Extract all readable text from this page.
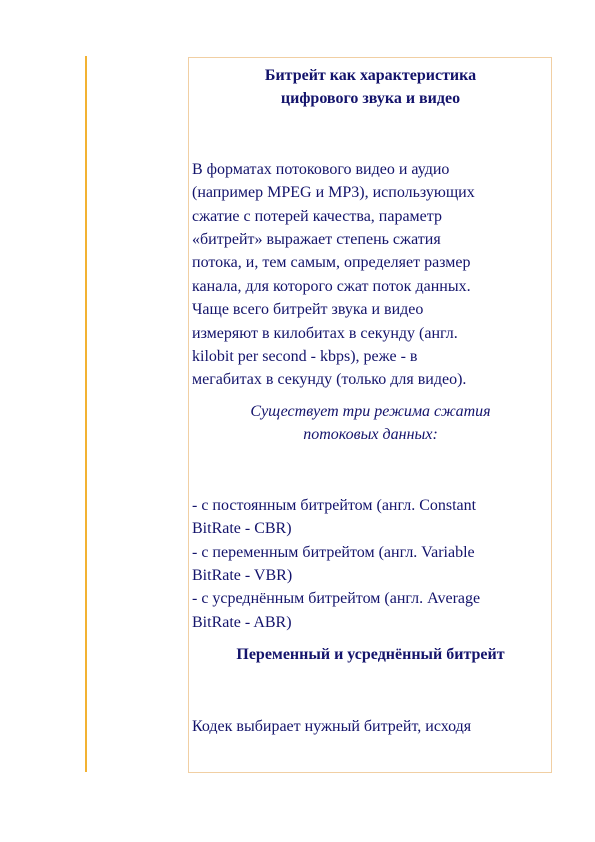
Битрейт как характеристика
цифрового звука и видео
В форматах потокового видео и аудио
(например MPEG и MP3), использующих
сжатие с потерей качества, параметр
«битрейт» выражает степень сжатия
потока, и, тем самым, определяет размер
канала, для которого сжат поток данных.
Чаще всего битрейт звука и видео
измеряют в килобитах в секунду (англ.
kilobit per second - kbps), реже - в
мегабитах в секунду (только для видео).
Существует три режима сжатия
потоковых данных:
- с постоянным битрейтом (англ. Constant
BitRate - CBR)
- с переменным битрейтом (англ. Variable
BitRate - VBR)
- с усреднённым битрейтом (англ. Average
BitRate - ABR)
Переменный и усреднённый битрейт
Кодек выбирает нужный битрейт, исходя
